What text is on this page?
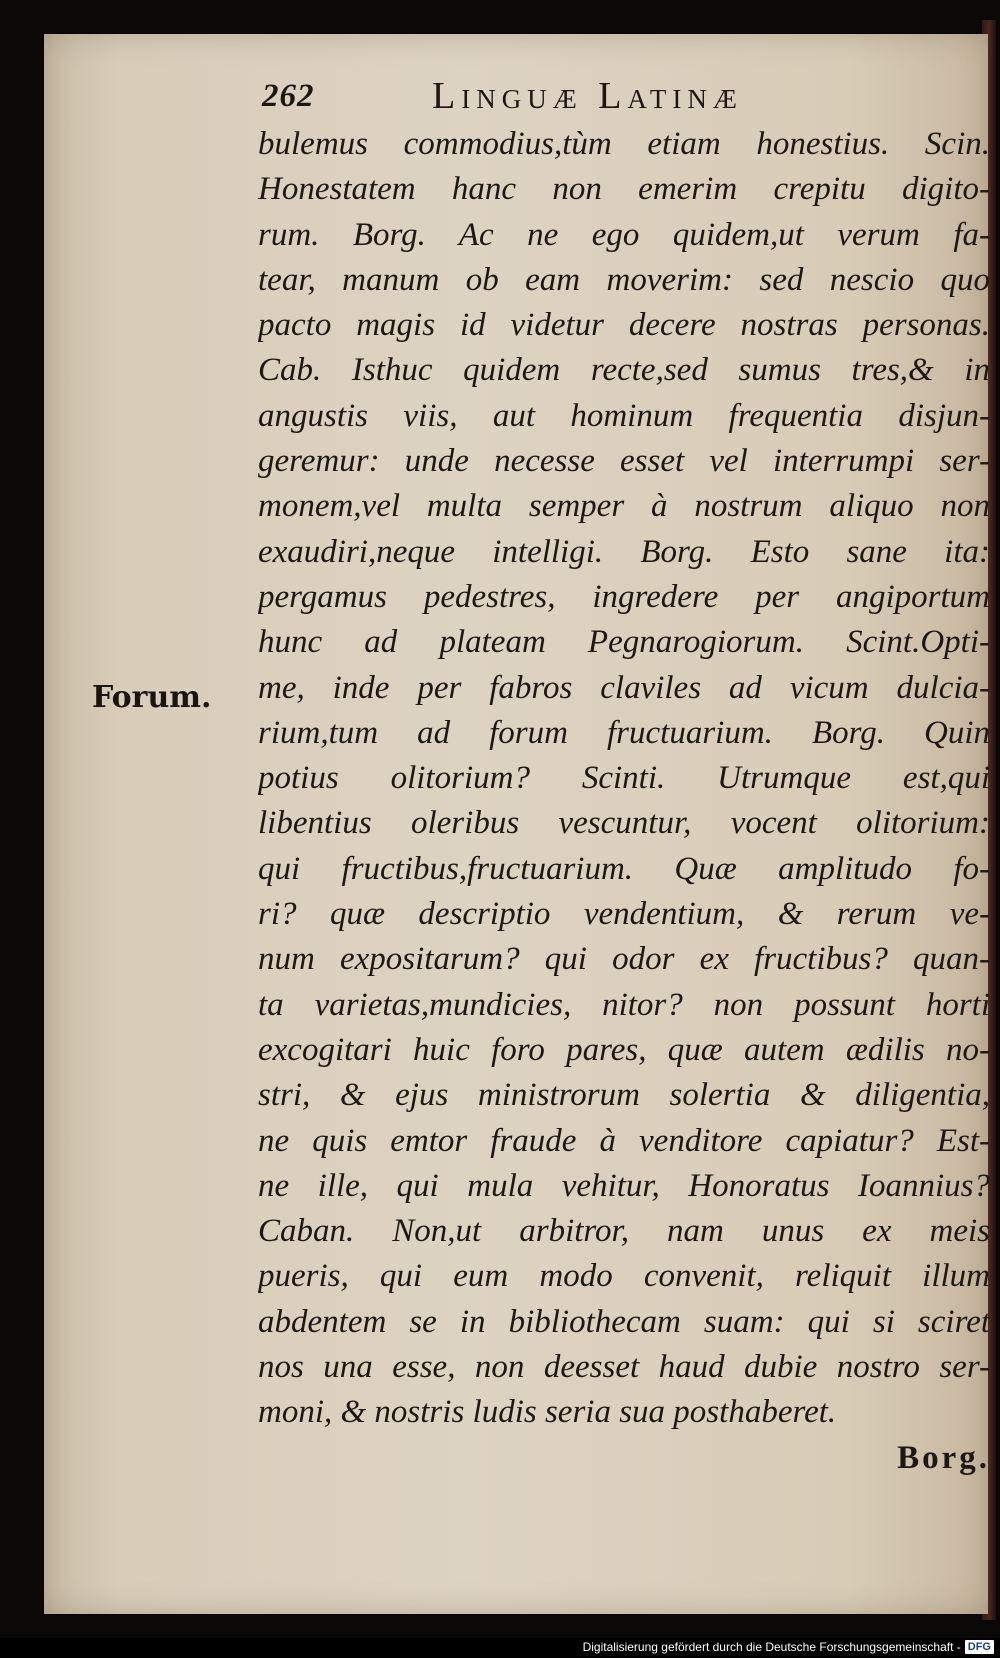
262	Linguæ Latinæ
Forum.
bulemus commodius,tùm etiam honestius. Scin.
Honestatem hanc non emerim crepitu digito-
rum. Borg. Ac ne ego quidem,ut verum fa-
tear, manum ob eam moverim: sed nescio quo
pacto magis id videtur decere nostras personas.
Cab. Isthuc quidem recte,sed sumus tres,& in
angustis viis, aut hominum frequentia disjun-
geremur: unde necesse esset vel interrumpi ser-
monem,vel multa semper à nostrum aliquo non
exaudiri,neque intelligi. Borg. Esto sane ita:
pergamus pedestres, ingredere per angiportum
hunc ad plateam Pegnarogiorum. Scint.Opti-
me, inde per fabros claviles ad vicum dulcia-
rium,tum ad forum fructuarium. Borg. Quin
potius olitorium? Scinti. Utrumque est,qui
libentius oleribus vescuntur, vocent olitorium:
qui fructibus,fructuarium. Quæ amplitudo fo-
ri? quæ descriptio vendentium, & rerum ve-
num expositarum? qui odor ex fructibus? quan-
ta varietas,mundicies, nitor? non possunt horti
excogitari huic foro pares, quæ autem ædilis no-
stri, & ejus ministrorum solertia & diligentia,
ne quis emtor fraude à venditore capiatur? Est-
ne ille, qui mula vehitur, Honoratus Ioannius?
Caban. Non,ut arbitror, nam unus ex meis
pueris, qui eum modo convenit, reliquit illum
abdentem se in bibliothecam suam: qui si sciret
nos una esse, non deesset haud dubie nostro ser-
moni, & nostris ludis seria sua posthaberet.
Borg.
Digitalisierung gefördert durch die Deutsche Forschungsgemeinschaft - DFG
